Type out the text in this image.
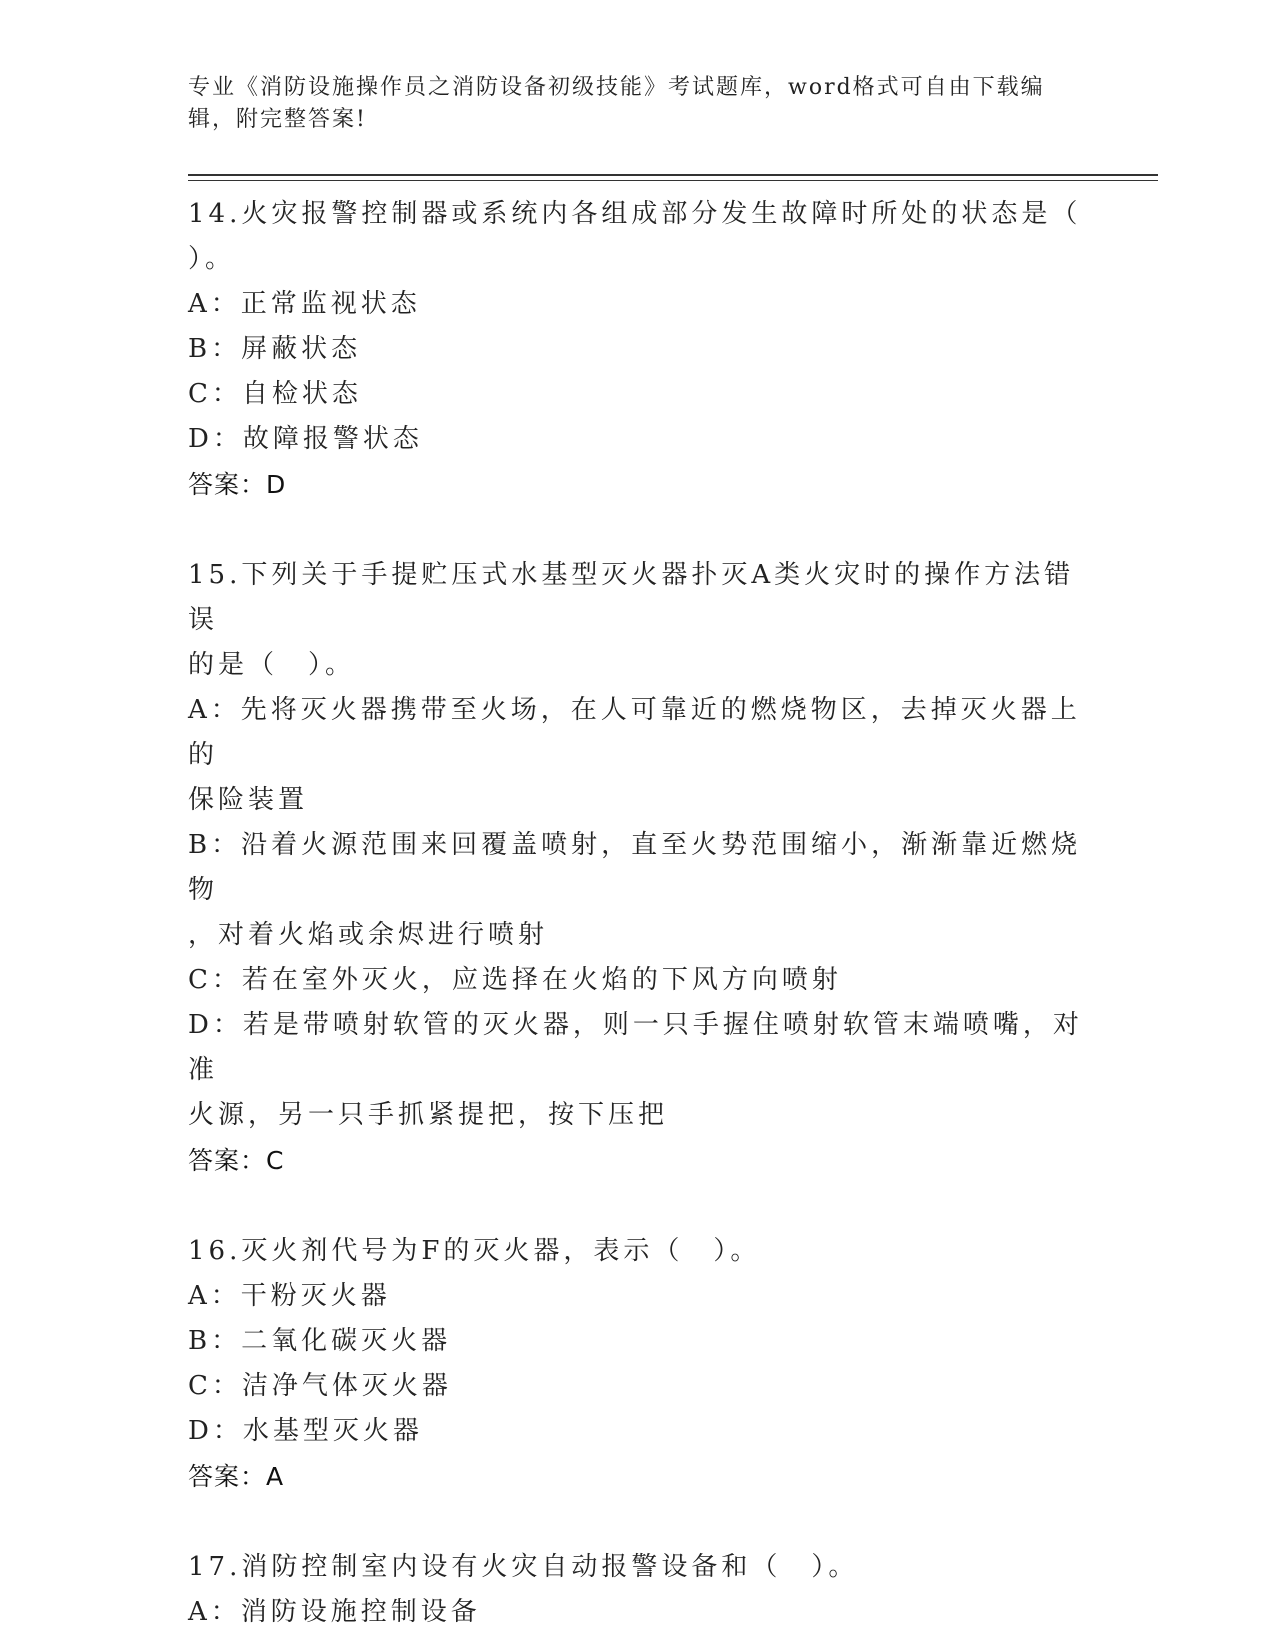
专业《消防设施操作员之消防设备初级技能》考试题库，word格式可自由下载编
辑，附完整答案!
14.火灾报警控制器或系统内各组成部分发生故障时所处的状态是（
）。
A：正常监视状态
B：屏蔽状态
C：自检状态
D：故障报警状态
答案：D
15.下列关于手提贮压式水基型灭火器扑灭A类火灾时的操作方法错误
的是（　）。
A：先将灭火器携带至火场，在人可靠近的燃烧物区，去掉灭火器上的
保险装置
B：沿着火源范围来回覆盖喷射，直至火势范围缩小，渐渐靠近燃烧物
，对着火焰或余烬进行喷射
C：若在室外灭火，应选择在火焰的下风方向喷射
D：若是带喷射软管的灭火器，则一只手握住喷射软管末端喷嘴，对准
火源，另一只手抓紧提把，按下压把
答案：C
16.灭火剂代号为F的灭火器，表示（　）。
A：干粉灭火器
B：二氧化碳灭火器
C：洁净气体灭火器
D：水基型灭火器
答案：A
17.消防控制室内设有火灾自动报警设备和（　）。
A：消防设施控制设备
